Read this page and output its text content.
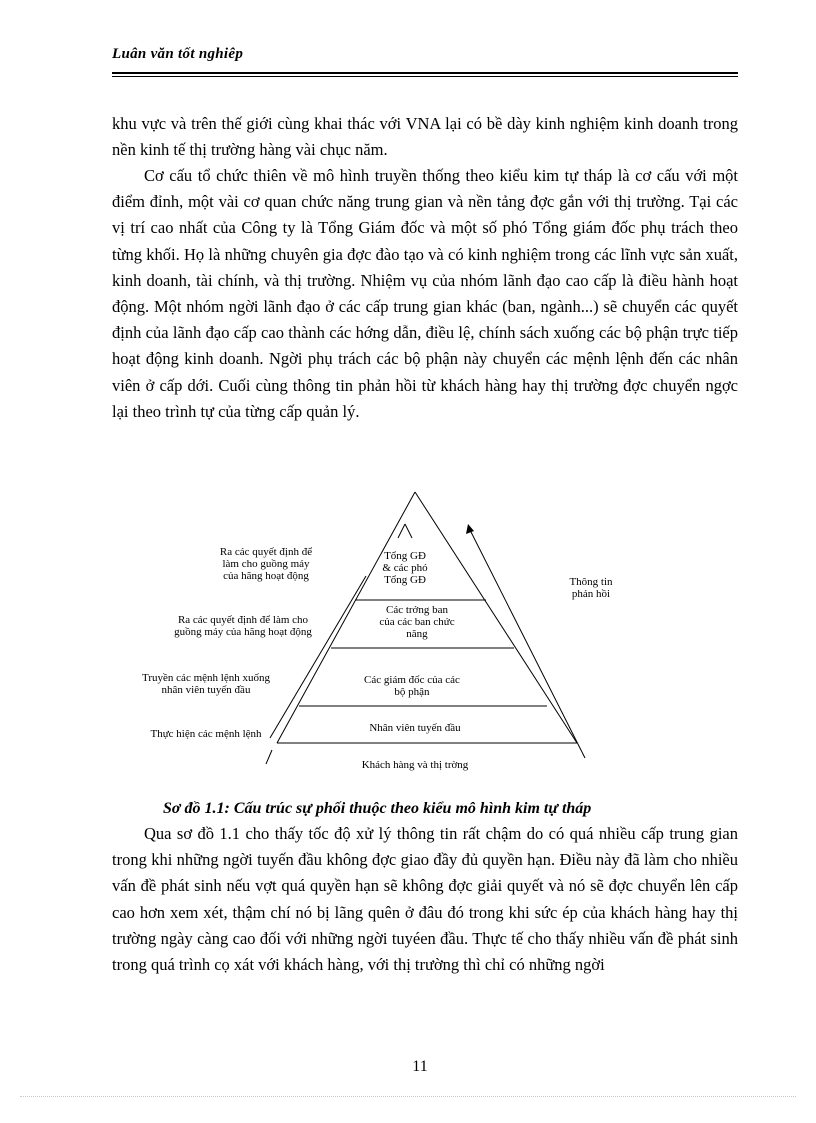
Luân văn tốt nghiêp

khu vực và trên thế giới cùng khai thác với VNA lại có bề dày kinh nghiệm kinh doanh trong nền kinh tế thị trường hàng vài chục năm.

Cơ cấu tổ chức thiên về mô hình truyền thống theo kiểu kim tự tháp là cơ cấu với một điểm đỉnh, một vài cơ quan chức năng trung gian và nền tảng đợc gắn với thị trường. Tại các vị trí cao nhất của Công ty là Tổng Giám đốc và một số phó Tổng giám đốc phụ trách theo từng khối. Họ là những chuyên gia đợc đào tạo và có kinh nghiệm trong các lĩnh vực sản xuất, kinh doanh, tài chính, và thị trường. Nhiệm vụ của nhóm lãnh đạo cao cấp là điều hành hoạt động. Một nhóm ngời lãnh đạo ở các cấp trung gian khác (ban, ngành...) sẽ chuyển các quyết định của lãnh đạo cấp cao thành các hớng dẫn, điều lệ, chính sách xuống các bộ phận trực tiếp hoạt động kinh doanh. Ngời phụ trách các bộ phận này chuyển các mệnh lệnh đến các nhân viên ở cấp dới. Cuối cùng thông tin phản hồi từ khách hàng hay thị trường đợc chuyển ngợc lại theo trình tự của từng cấp quản lý.

Tổng GĐ
& các phó
Tổng GĐ
Các trởng ban
của các ban chức
năng
Các giám đốc của các
bộ phận
Nhân viên tuyến đầu
Khách hàng và thị trờng
Ra các quyết định để
làm cho guồng máy
của hãng hoạt động
Ra các quyết định để làm cho
guồng máy của hãng hoạt động
Truyền các mệnh lệnh xuống
nhân viên tuyến đầu
Thực hiện các mệnh lệnh
Thông tin
phản hồi
Sơ đồ 1.1: Cấu trúc sự phối thuộc theo kiểu mô hình kim tự tháp

Qua sơ đồ 1.1 cho thấy tốc độ xử lý thông tin rất chậm do có quá nhiều cấp trung gian trong khi những ngời tuyến đầu không đợc giao đầy đủ quyền hạn. Điều này đã làm cho nhiều vấn đề phát sinh nếu vợt quá quyền hạn sẽ không đợc giải quyết và nó sẽ đợc chuyển lên cấp cao hơn xem xét, thậm chí nó bị lãng quên ở đâu đó trong khi sức ép của khách hàng hay thị trường ngày càng cao đối với những ngời tuyéen đầu. Thực tế cho thấy nhiều vấn đề phát sinh trong quá trình cọ xát với khách hàng, với thị trường thì chỉ có những ngời

11
